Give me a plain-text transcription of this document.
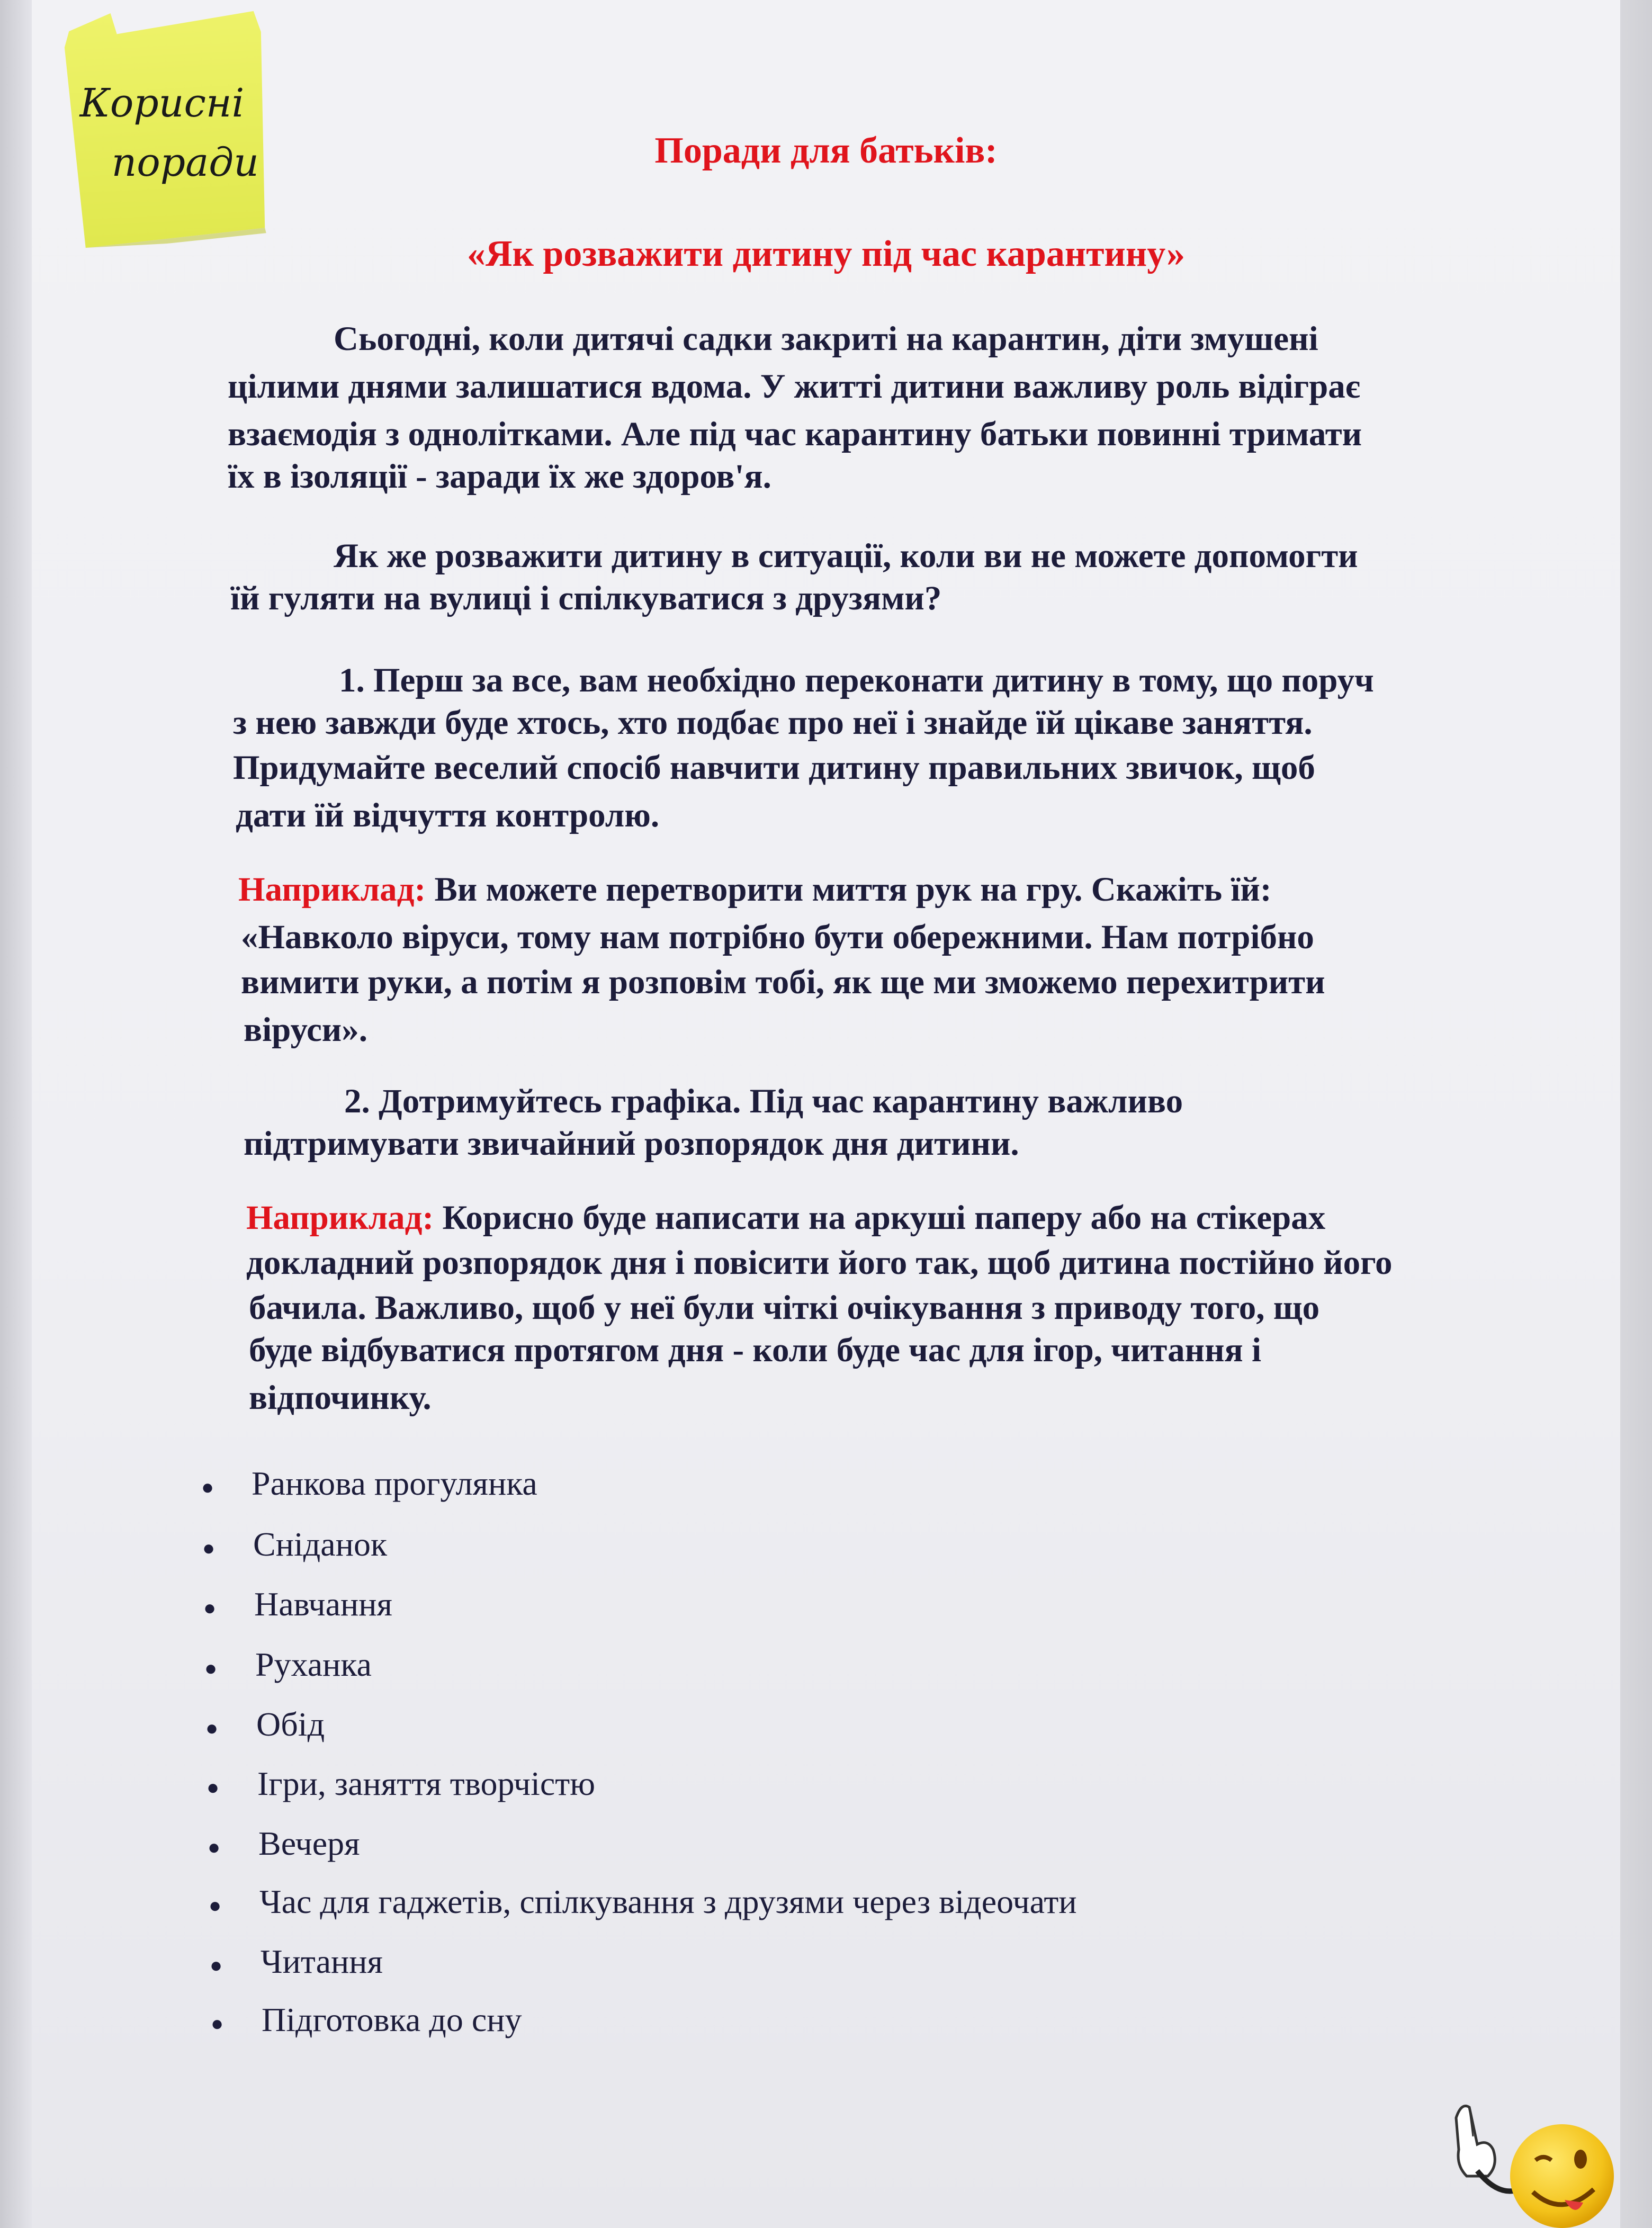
Корисні
поради	Поради для батьків:
«Як розважити дитину під час карантину»
Сьогодні, коли дитячі садки закриті на карантин, діти змушені
цілими днями залишатися вдома. У житті дитини важливу роль відіграє
взаємодія з однолітками. Але під час карантину батьки повинні тримати
їх в ізоляції - заради їх же здоров'я.
Як же розважити дитину в ситуації, коли ви не можете допомогти
їй гуляти на вулиці і спілкуватися з друзями?
1. Перш за все, вам необхідно переконати дитину в тому, що поруч
з нею завжди буде хтось, хто подбає про неї і знайде їй цікаве заняття.
Придумайте веселий спосіб навчити дитину правильних звичок, щоб
дати їй відчуття контролю.
Наприклад: Ви можете перетворити миття рук на гру. Скажіть їй:
«Навколо віруси, тому нам потрібно бути обережними. Нам потрібно
вимити руки, а потім я розповім тобі, як ще ми зможемо перехитрити
віруси».
2. Дотримуйтесь графіка. Під час карантину важливо
підтримувати звичайний розпорядок дня дитини.
Наприклад: Корисно буде написати на аркуші паперу або на стікерах
докладний розпорядок дня і повісити його так, щоб дитина постійно його
бачила. Важливо, щоб у неї були чіткі очікування з приводу того, що
буде відбуватися протягом дня - коли буде час для ігор, читання і
відпочинку.
● Ранкова прогулянка
● Сніданок
● Навчання
● Руханка
● Обід
● Ігри, заняття творчістю
● Вечеря
● Час для гаджетів, спілкування з друзями через відеочати
● Читання
● Підготовка до сну
